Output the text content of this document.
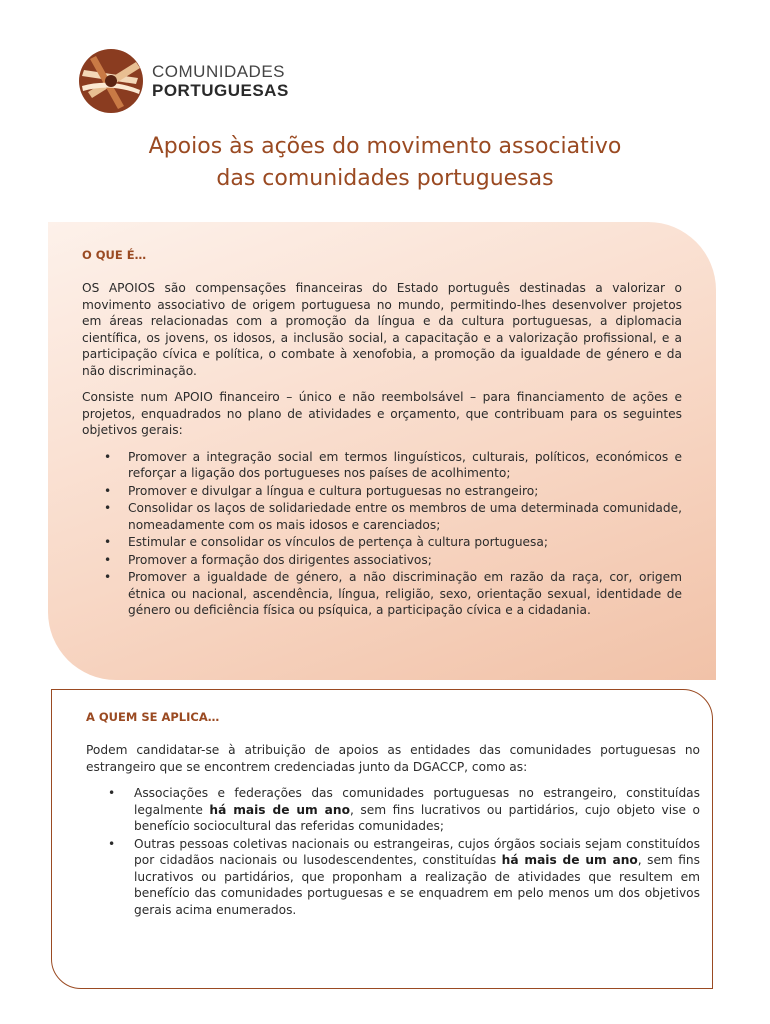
COMUNIDADES
PORTUGUESAS
Apoios às ações do movimento associativo
das comunidades portuguesas
O QUE É…

OS APOIOS são compensações financeiras do Estado português destinadas a valorizar o movimento associativo de origem portuguesa no mundo, permitindo-lhes desenvolver projetos em áreas relacionadas com a promoção da língua e da cultura portuguesas, a diplomacia científica, os jovens, os idosos, a inclusão social, a capacitação e a valorização profissional, e a participação cívica e política, o combate à xenofobia, a promoção da igualdade de género e da não discriminação.

Consiste num APOIO financeiro – único e não reembolsável – para financiamento de ações e projetos, enquadrados no plano de atividades e orçamento, que contribuam para os seguintes objetivos gerais:

• Promover a integração social em termos linguísticos, culturais, políticos, económicos e reforçar a ligação dos portugueses nos países de acolhimento;
• Promover e divulgar a língua e cultura portuguesas no estrangeiro;
• Consolidar os laços de solidariedade entre os membros de uma determinada comunidade, nomeadamente com os mais idosos e carenciados;
• Estimular e consolidar os vínculos de pertença à cultura portuguesa;
• Promover a formação dos dirigentes associativos;
• Promover a igualdade de género, a não discriminação em razão da raça, cor, origem étnica ou nacional, ascendência, língua, religião, sexo, orientação sexual, identidade de género ou deficiência física ou psíquica, a participação cívica e a cidadania.
A QUEM SE APLICA…

Podem candidatar-se à atribuição de apoios as entidades das comunidades portuguesas no estrangeiro que se encontrem credenciadas junto da DGACCP, como as:

• Associações e federações das comunidades portuguesas no estrangeiro, constituídas legalmente há mais de um ano, sem fins lucrativos ou partidários, cujo objeto vise o benefício sociocultural das referidas comunidades;
• Outras pessoas coletivas nacionais ou estrangeiras, cujos órgãos sociais sejam constituídos por cidadãos nacionais ou lusodescendentes, constituídas há mais de um ano, sem fins lucrativos ou partidários, que proponham a realização de atividades que resultem em benefício das comunidades portuguesas e se enquadrem em pelo menos um dos objetivos gerais acima enumerados.
